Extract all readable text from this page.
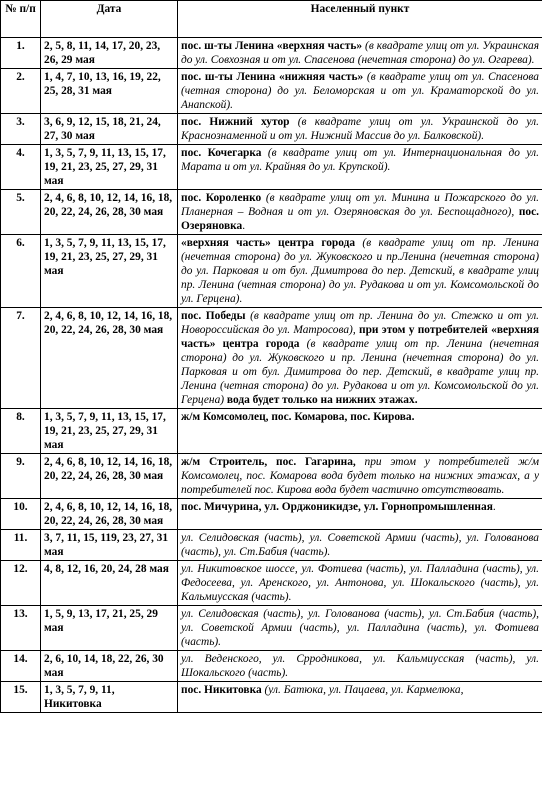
№ п/п	Дата	Населенный пункт
1.	2, 5, 8, 11, 14, 17, 20, 23, 26, 29 мая	пос. ш-ты Ленина «верхняя часть» (в квадрате улиц от ул. Украинская до ул. Совхозная и от ул. Спасенова (нечетная сторона) до ул. Огарева).
2.	1, 4, 7, 10, 13, 16, 19, 22, 25, 28, 31 мая	пос. ш-ты Ленина «нижняя часть» (в квадрате улиц от ул. Спасенова (четная сторона) до ул. Беломорская и от ул. Краматорской до ул. Анапской).
3.	3, 6, 9, 12, 15, 18, 21, 24, 27, 30 мая	пос. Нижний хутор (в квадрате улиц от ул. Украинской до ул. Краснознаменной и от ул. Нижний Массив до ул. Балковской).
4.	1, 3, 5, 7, 9, 11, 13, 15, 17, 19, 21, 23, 25, 27, 29, 31 мая	пос. Кочегарка (в квадрате улиц от ул. Интернациональная до ул. Марата и от ул. Крайняя до ул. Крупской).
5.	2, 4, 6, 8, 10, 12, 14, 16, 18, 20, 22, 24, 26, 28, 30 мая	пос. Короленко (в квадрате улиц от ул. Минина и Пожарского до ул. Планерная – Водная и от ул. Озеряновская до ул. Беспощадного), пос. Озеряновка.
6.	1, 3, 5, 7, 9, 11, 13, 15, 17, 19, 21, 23, 25, 27, 29, 31 мая	«верхняя часть» центра города (в квадрате улиц от пр. Ленина (нечетная сторона) до ул. Жуковского и пр.Ленина (нечетная сторона) до ул. Парковая и от бул. Димитрова до пер. Детский, в квадрате улиц пр. Ленина (четная сторона) до ул. Рудакова и от ул. Комсомольской до ул. Герцена).
7.	2, 4, 6, 8, 10, 12, 14, 16, 18, 20, 22, 24, 26, 28, 30 мая	пос. Победы (в квадрате улиц от пр. Ленина до ул. Стежко и от ул. Новороссийская до ул. Матросова), при этом у потребителей «верхняя часть» центра города (в квадрате улиц от пр. Ленина (нечетная сторона) до ул. Жуковского и пр. Ленина (нечетная сторона) до ул. Парковая и от бул. Димитрова до пер. Детский, в квадрате улиц пр. Ленина (четная сторона) до ул. Рудакова и от ул. Комсомольской до ул. Герцена) вода будет только на нижних этажах.
8.	1, 3, 5, 7, 9, 11, 13, 15, 17, 19, 21, 23, 25, 27, 29, 31 мая	ж/м Комсомолец, пос. Комарова, пос. Кирова.
9.	2, 4, 6, 8, 10, 12, 14, 16, 18, 20, 22, 24, 26, 28, 30 мая	ж/м Строитель, пос. Гагарина, при этом у потребителей ж/м Комсомолец, пос. Комарова вода будет только на нижних этажах, а у потребителей пос. Кирова вода будет частично отсутствовать.
10.	2, 4, 6, 8, 10, 12, 14, 16, 18, 20, 22, 24, 26, 28, 30 мая	пос. Мичурина, ул. Орджоникидзе, ул. Горнопромышленная.
11.	3, 7, 11, 15, 119, 23, 27, 31 мая	ул. Селидовская (часть), ул. Советской Армии (часть), ул. Голованова (часть), ул. Ст.Бабия (часть).
12.	4, 8, 12, 16, 20, 24, 28 мая	ул. Никитовское шоссе, ул. Фотиева (часть), ул. Палладина (часть), ул. Федосеева, ул. Аренского, ул. Антонова, ул. Шокальского (часть), ул. Кальмиусская (часть).
13.	1, 5, 9, 13, 17, 21, 25, 29 мая	ул. Селидовская (часть), ул. Голованова (часть), ул. Ст.Бабия (часть), ул. Советской Армии (часть), ул. Палладина (часть), ул. Фотиева (часть).
14.	2, 6, 10, 14, 18, 22, 26, 30 мая	ул. Веденского, ул. Срродникова, ул. Кальмиусская (часть), ул. Шокальского (часть).
15.	1, 3, 5, 7, 9, 11, Никитовка	пос. Никитовка (ул. Батюка, ул. Пацаева, ул. Кармелюка,
